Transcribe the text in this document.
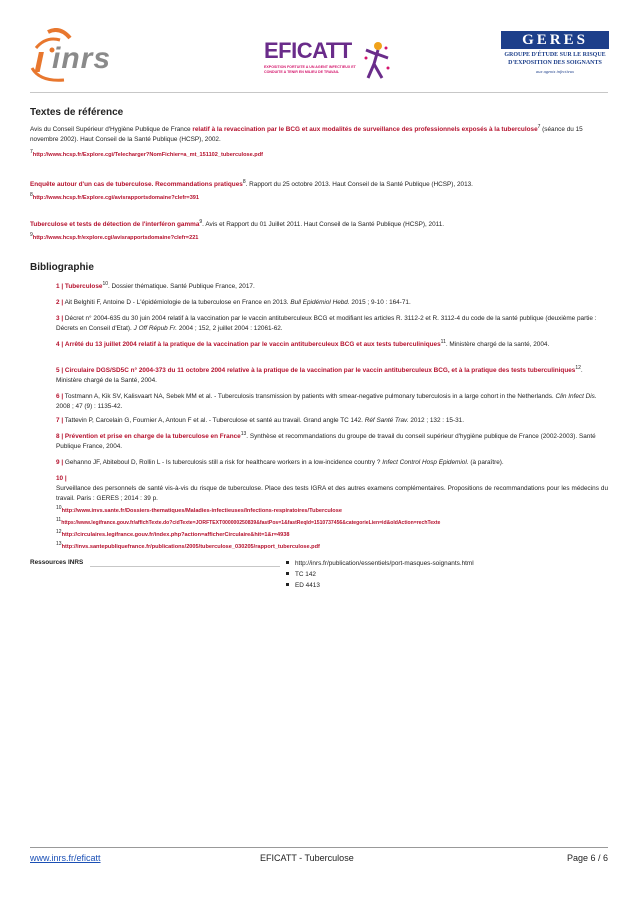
inrs	EFICATT
EXPOSITION FORTUITE A UN AGENT INFECTIEUX ET CONDUITE A TENIR EN MILIEU DE TRAVAIL
GERES
GROUPE D'ÉTUDE SUR LE RISQUE
D'EXPOSITION DES SOIGNANTS
aux agents infectieux
Textes de référence
Avis du Conseil Supérieur d'Hygiène Publique de France relatif à la revaccination par le BCG et aux modalités de surveillance des professionnels exposés à la tuberculose$^7$ (séance du 15 novembre 2002). Haut Conseil de la Santé Publique (HCSP), 2002.
$^7$http://www.hcsp.fr/Explore.cgi/Telecharger?NomFichier=a_mt_151102_tuberculose.pdf
Enquête autour d'un cas de tuberculose. Recommandations pratiques$^8$. Rapport du 25 octobre 2013. Haut Conseil de la Santé Publique (HCSP), 2013.
$^8$http://www.hcsp.fr/Explore.cgi/avisrapportsdomaine?clefr=391
Tuberculose et tests de détection de l'interféron gamma$^9$. Avis et Rapport du 01 Juillet 2011. Haut Conseil de la Santé Publique (HCSP), 2011.
$^9$http://www.hcsp.fr/explore.cgi/avisrapportsdomaine?clefr=221
Bibliographie
1 | Tuberculose$^{10}$. Dossier thématique. Santé Publique France, 2017.
2 | Ait Belghiti F, Antoine D - L'épidémiologie de la tuberculose en France en 2013. Bull Epidémiol Hebd. 2015 ; 9-10 : 164-71.
3 | Décret n° 2004-635 du 30 juin 2004 relatif à la vaccination par le vaccin antituberculeux BCG et modifiant les articles R. 3112-2 et R. 3112-4 du code de la santé publique (deuxième partie : Décrets en Conseil d'Etat). J Off Répub Fr. 2004 ; 152, 2 juillet 2004 : 12061-62.
4 | Arrêté du 13 juillet 2004 relatif à la pratique de la vaccination par le vaccin antituberculeux BCG et aux tests tuberculiniques$^{11}$. Ministère chargé de la santé, 2004.
5 | Circulaire DGS/SD5C n° 2004-373 du 11 octobre 2004 relative à la pratique de la vaccination par le vaccin antituberculeux BCG, et à la pratique des tests tuberculiniques$^{12}$. Ministère chargé de la Santé, 2004.
6 | Tostmann A, Kik SV, Kalisvaart NA, Sebek MM et al. - Tuberculosis transmission by patients with smear-negative pulmonary tuberculosis in a large cohort in the Netherlands. Clin Infect Dis. 2008 ; 47 (9) : 1135-42.
7 | Tattevin P, Carcelain G, Fournier A, Antoun F et al. - Tuberculose et santé au travail. Grand angle TC 142. Réf Santé Trav. 2012 ; 132 : 15-31.
8 | Prévention et prise en charge de la tuberculose en France$^{13}$. Synthèse et recommandations du groupe de travail du conseil supérieur d'hygiène publique de France (2002-2003). Santé Publique France, 2004.
9 | Gehanno JF, Abiteboul D, Rollin L - Is tuberculosis still a risk for healthcare workers in a low-incidence country ? Infect Control Hosp Epidemiol. (à paraître).
10 |
Surveillance des personnels de santé vis-à-vis du risque de tuberculose. Place des tests IGRA et des autres examens complémentaires. Propositions de recommandations pour les médecins du travail. Paris : GERES ; 2014 : 39 p.
$^{10}$http://www.invs.sante.fr/Dossiers-thematiques/Maladies-infectieuses/Infections-respiratoires/Tuberculose
$^{11}$https://www.legifrance.gouv.fr/affichTexte.do?cidTexte=JORFTEXT000000250839&fastPos=1&fastReqId=1510737456&categorieLien=id&oldAction=rechTexte
$^{12}$http://circulaires.legifrance.gouv.fr/index.php?action=afficherCirculaire&hit=1&r=4938
$^{13}$http://invs.santepubliquefrance.fr/publications/2005/tuberculose_030205/rapport_tuberculose.pdf
Ressources INRS	http://inrs.fr/publication/essentiels/port-masques-soignants.html
TC 142
ED 4413
www.inrs.fr/eficatt	EFICATT - Tuberculose	Page 6 / 6
